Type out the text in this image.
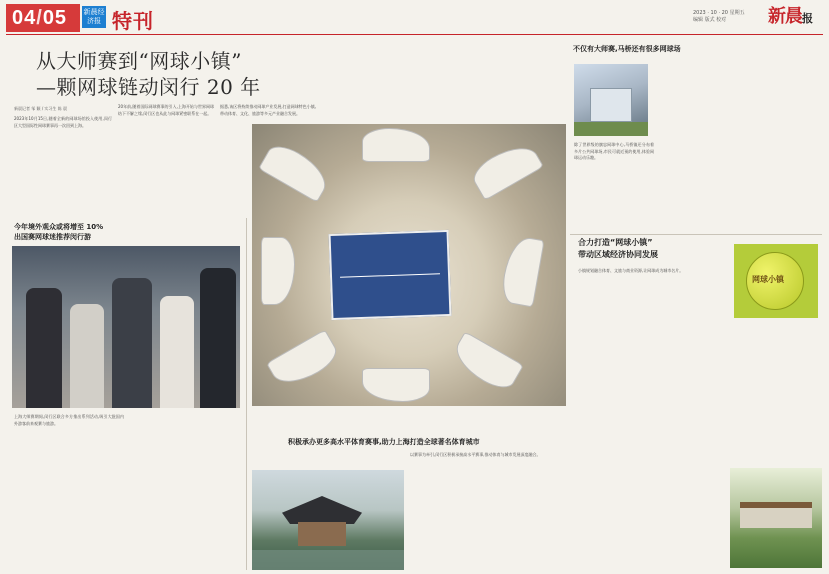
04/05	新晨经济报 特刊	2023 · 10 · 20 星期五
编辑 版式 校对	新晨报
从大师赛到“网球小镇”
—颗网球链动闵行 20 年
新晨记者 邹 颖 / 实习生 陈 晨
2023年10月15日,随着全新的网球场馆投入使用,闵行区大型国际性网球赛事再一次回到上海。
20年前,随着国际网球赛事的引入,上海开始与世界网球结下不解之缘,闵行区也从此与网球紧密联系在一起。
据悉,该区将持续推动网球产业发展,打造网球特色小镇,带动体育、文化、旅游等多元产业融合发展。
今年境外观众或将增至 10%
出国赛网球迷推荐闵行游
上海大师赛期间,闵行区联合多方推出系列活动,吸引大批国内外游客前来观赛与旅游。
不仅有大师赛,马桥还有很多网球场
除了世界级的旗忠网球中心,马桥镇还分布着多片公共网球场,市民可就近预约使用,体验网球运动乐趣。
合力打造“网球小镇”
带动区域经济协同发展
小镇规划融合体育、文旅与商业资源,让网球成为城市名片。
网球小镇
积极承办更多高水平体育赛事,助力上海打造全球著名体育城市
以赛事为牵引,闵行区积极承接高水平赛事,推动体育与城市发展深度融合。
